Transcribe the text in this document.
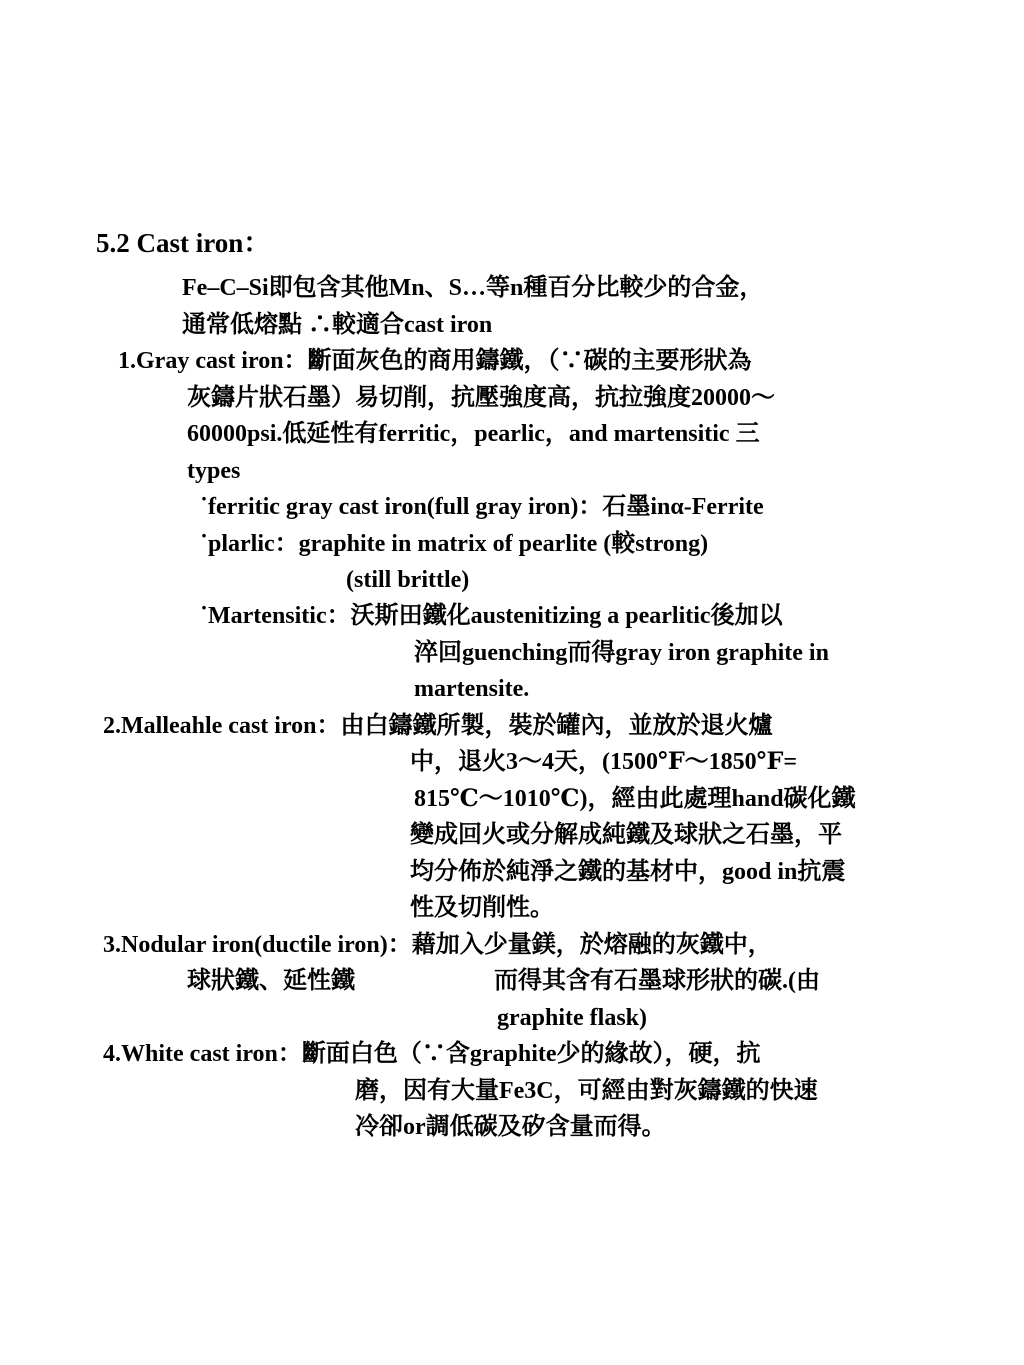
5.2 Cast iron：
Fe–C–Si即包含其他Mn、S…等n種百分比較少的合金，
通常低熔點 ∴較適合cast iron
1.Gray cast iron：斷面灰色的商用鑄鐵，（∵碳的主要形狀為
灰鑄片狀石墨）易切削，抗壓強度高，抗拉強度20000～
60000psi.低延性有ferritic，pearlic，and martensitic 三
types
˙ferritic gray cast iron(full gray iron)：石墨inα-Ferrite
˙plarlic：graphite in matrix of pearlite (較strong)
(still brittle)
˙Martensitic：沃斯田鐵化austenitizing a pearlitic後加以
淬回guenching而得gray iron graphite in
martensite.
2.Malleahle cast iron：由白鑄鐵所製，裝於罐內，並放於退火爐
中，退火3～4天，(1500℉～1850℉=
815℃～1010℃)，經由此處理hand碳化鐵
變成回火或分解成純鐵及球狀之石墨，平
均分佈於純淨之鐵的基材中，good in抗震
性及切削性。
3.Nodular iron(ductile iron)：藉加入少量鎂，於熔融的灰鐵中，
球狀鐵、延性鐵	而得其含有石墨球形狀的碳.(由
graphite flask)
4.White cast iron：斷面白色（∵含graphite少的緣故），硬，抗
磨，因有大量Fe3C，可經由對灰鑄鐵的快速
冷卻or調低碳及矽含量而得。
